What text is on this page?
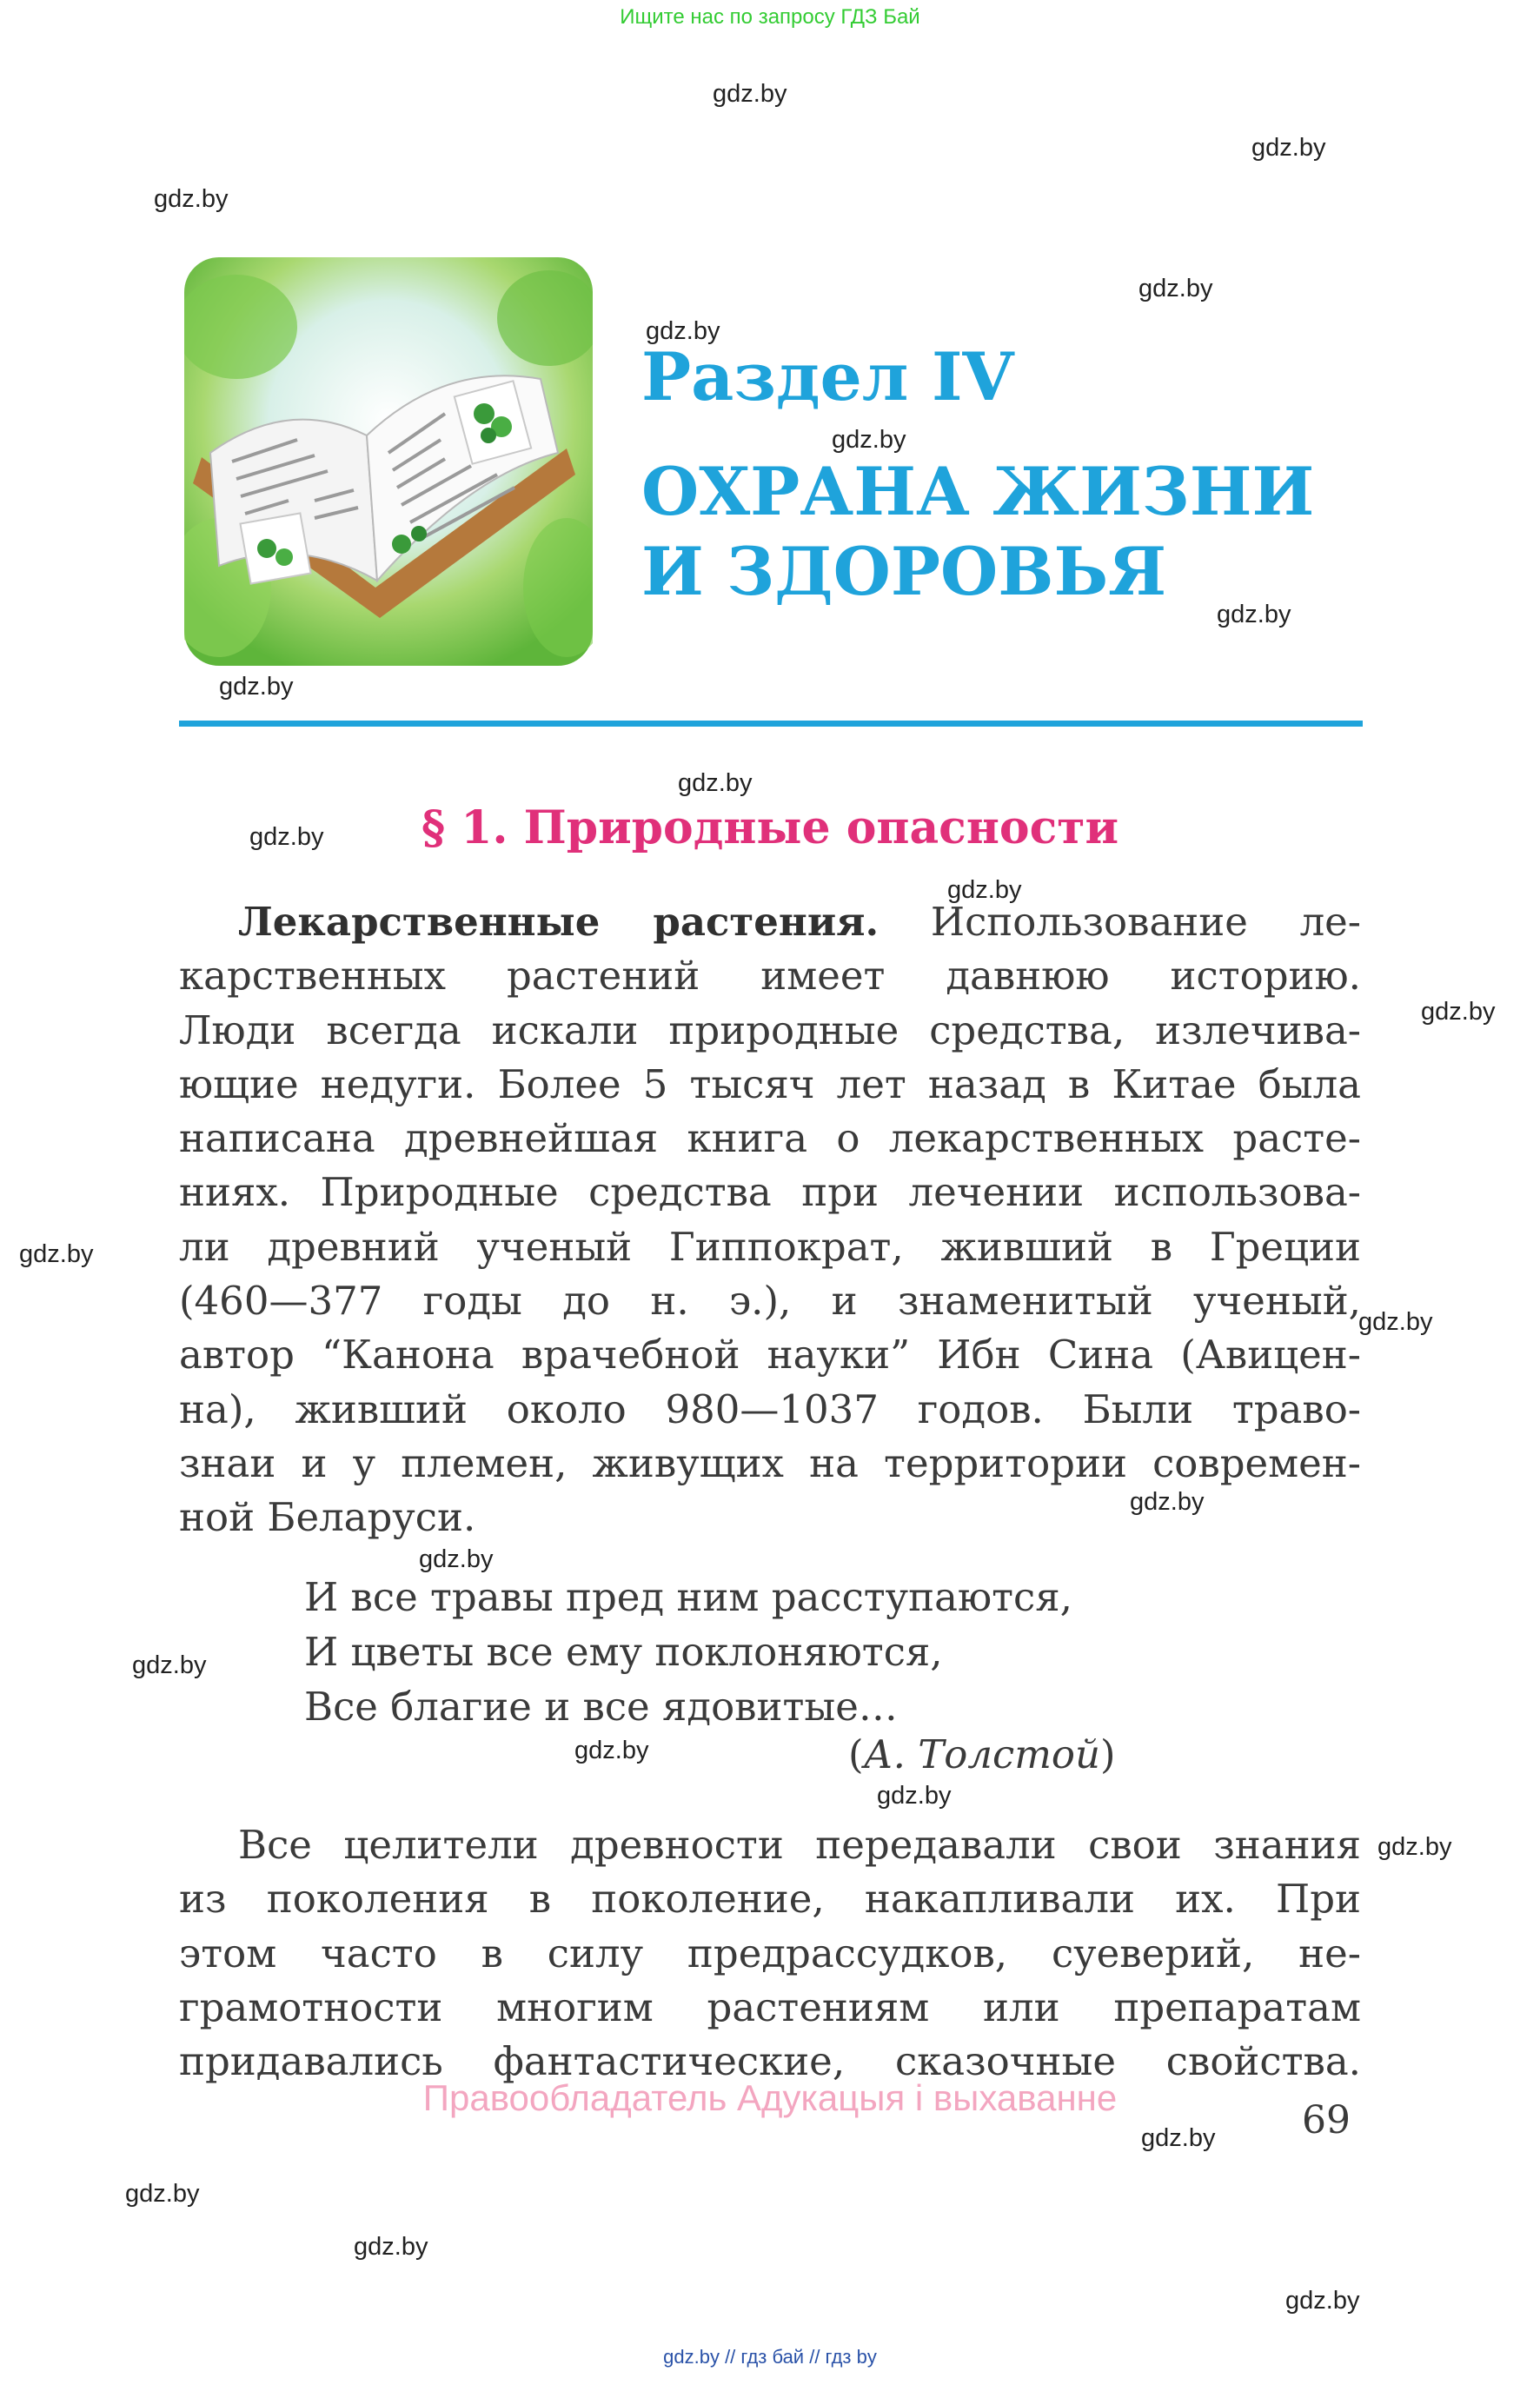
Ищите нас по запросу ГДЗ Бай
gdz.by
gdz.by
gdz.by
gdz.by
gdz.by
gdz.by
gdz.by
gdz.by
gdz.by
gdz.by
gdz.by
gdz.by
gdz.by
gdz.by
gdz.by
gdz.by
gdz.by
gdz.by
gdz.by
gdz.by
gdz.by
gdz.by
gdz.by
gdz.by
Раздел IV
ОХРАНА ЖИЗНИ
И ЗДОРОВЬЯ
§ 1. Природные опасности
Лекарственные растения. Использование ле-
карственных растений имеет давнюю историю.
Люди всегда искали природные средства, излечива-
ющие недуги. Более 5 тысяч лет назад в Китае была
написана древнейшая книга о лекарственных расте-
ниях. Природные средства при лечении использова-
ли древний ученый Гиппократ, живший в Греции
(460—377 годы до н. э.), и знаменитый ученый,
автор “Канона врачебной науки” Ибн Сина (Авицен-
на), живший около 980—1037 годов. Были траво-
знаи и у племен, живущих на территории современ-
ной Беларуси.
И все травы пред ним расступаются,
И цветы все ему поклоняются,
Все благие и все ядовитые…
(А. Толстой)
Все целители древности передавали свои знания
из поколения в поколение, накапливали их. При
этом часто в силу предрассудков, суеверий, не-
грамотности многим растениям или препаратам
придавались фантастические, сказочные свойства.
Правообладатель Адукацыя і выхаванне
69
gdz.by // гдз бай // гдз by
